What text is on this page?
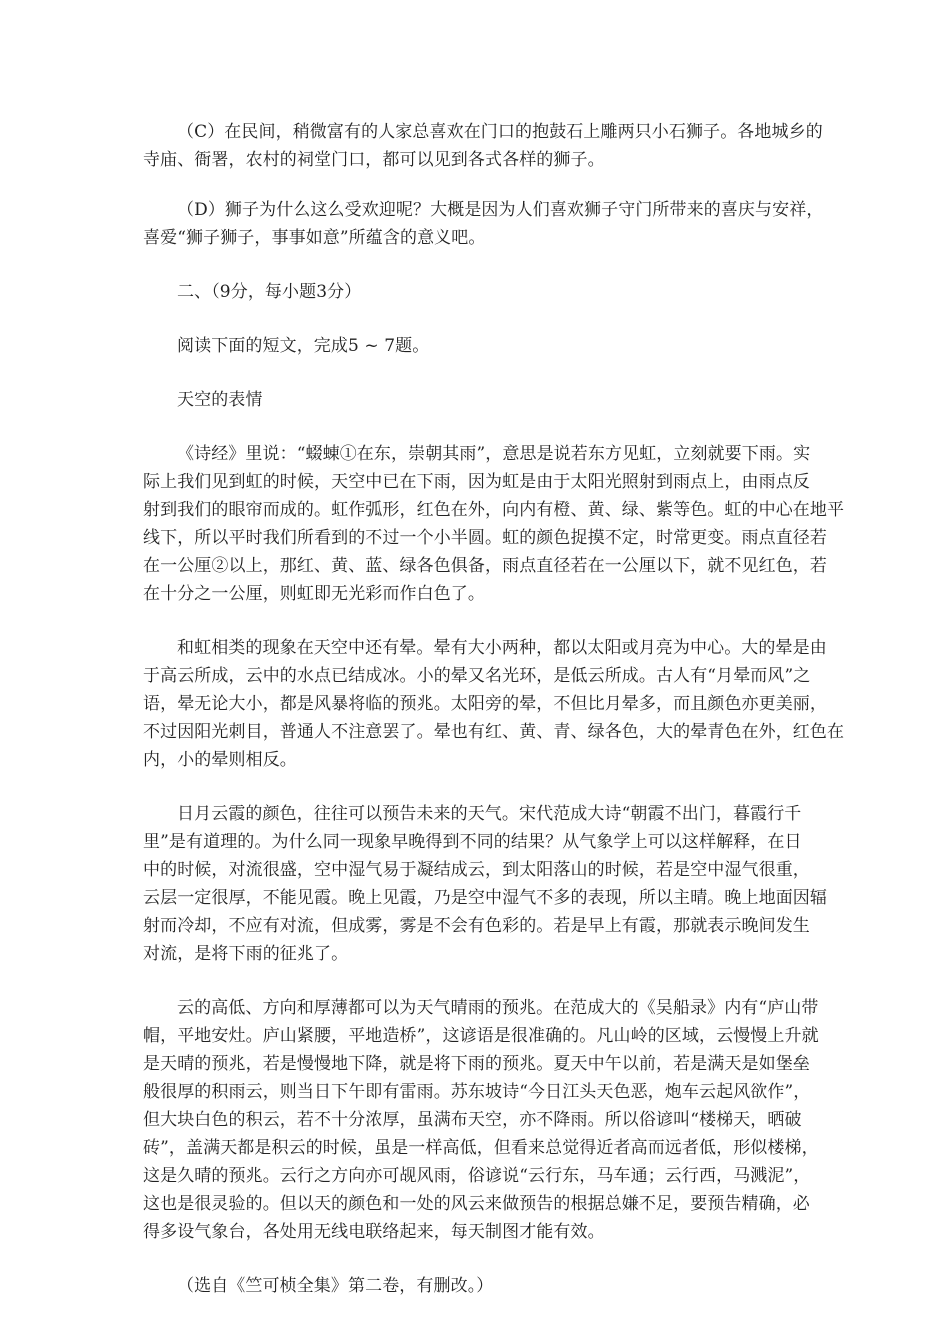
（C）在民间，稍微富有的人家总喜欢在门口的抱鼓石上雕两只小石狮子。各地城乡的
寺庙、衙署，农村的祠堂门口，都可以见到各式各样的狮子。

（D）狮子为什么这么受欢迎呢？大概是因为人们喜欢狮子守门所带来的喜庆与安祥，
喜爱“狮子狮子，事事如意”所蕴含的意义吧。

二、（9分，每小题3分）

阅读下面的短文，完成5 ~ 7题。

天空的表情

《诗经》里说：“蝃蝀①在东，崇朝其雨”，意思是说若东方见虹，立刻就要下雨。实
际上我们见到虹的时候，天空中已在下雨，因为虹是由于太阳光照射到雨点上，由雨点反
射到我们的眼帘而成的。虹作弧形，红色在外，向内有橙、黄、绿、紫等色。虹的中心在地平
线下，所以平时我们所看到的不过一个小半圆。虹的颜色捉摸不定，时常更变。雨点直径若
在一公厘②以上，那红、黄、蓝、绿各色俱备，雨点直径若在一公厘以下，就不见红色，若
在十分之一公厘，则虹即无光彩而作白色了。

和虹相类的现象在天空中还有晕。晕有大小两种，都以太阳或月亮为中心。大的晕是由
于高云所成，云中的水点已结成冰。小的晕又名光环，是低云所成。古人有“月晕而风”之
语，晕无论大小，都是风暴将临的预兆。太阳旁的晕，不但比月晕多，而且颜色亦更美丽，
不过因阳光刺目，普通人不注意罢了。晕也有红、黄、青、绿各色，大的晕青色在外，红色在
内，小的晕则相反。

日月云霞的颜色，往往可以预告未来的天气。宋代范成大诗“朝霞不出门，暮霞行千
里”是有道理的。为什么同一现象早晚得到不同的结果？从气象学上可以这样解释，在日
中的时候，对流很盛，空中湿气易于凝结成云，到太阳落山的时候，若是空中湿气很重，
云层一定很厚，不能见霞。晚上见霞，乃是空中湿气不多的表现，所以主晴。晚上地面因辐
射而冷却，不应有对流，但成雾，雾是不会有色彩的。若是早上有霞，那就表示晚间发生
对流，是将下雨的征兆了。

云的高低、方向和厚薄都可以为天气晴雨的预兆。在范成大的《吴船录》内有“庐山带
帽，平地安灶。庐山紧腰，平地造桥”，这谚语是很准确的。凡山岭的区域，云慢慢上升就
是天晴的预兆，若是慢慢地下降，就是将下雨的预兆。夏天中午以前，若是满天是如堡垒
般很厚的积雨云，则当日下午即有雷雨。苏东坡诗“今日江头天色恶，炮车云起风欲作”，
但大块白色的积云，若不十分浓厚，虽满布天空，亦不降雨。所以俗谚叫“楼梯天，晒破
砖”，盖满天都是积云的时候，虽是一样高低，但看来总觉得近者高而远者低，形似楼梯，
这是久晴的预兆。云行之方向亦可觇风雨，俗谚说“云行东，马车通；云行西，马溅泥”，
这也是很灵验的。但以天的颜色和一处的风云来做预告的根据总嫌不足，要预告精确，必
得多设气象台，各处用无线电联络起来，每天制图才能有效。

（选自《竺可桢全集》第二卷，有删改。）
